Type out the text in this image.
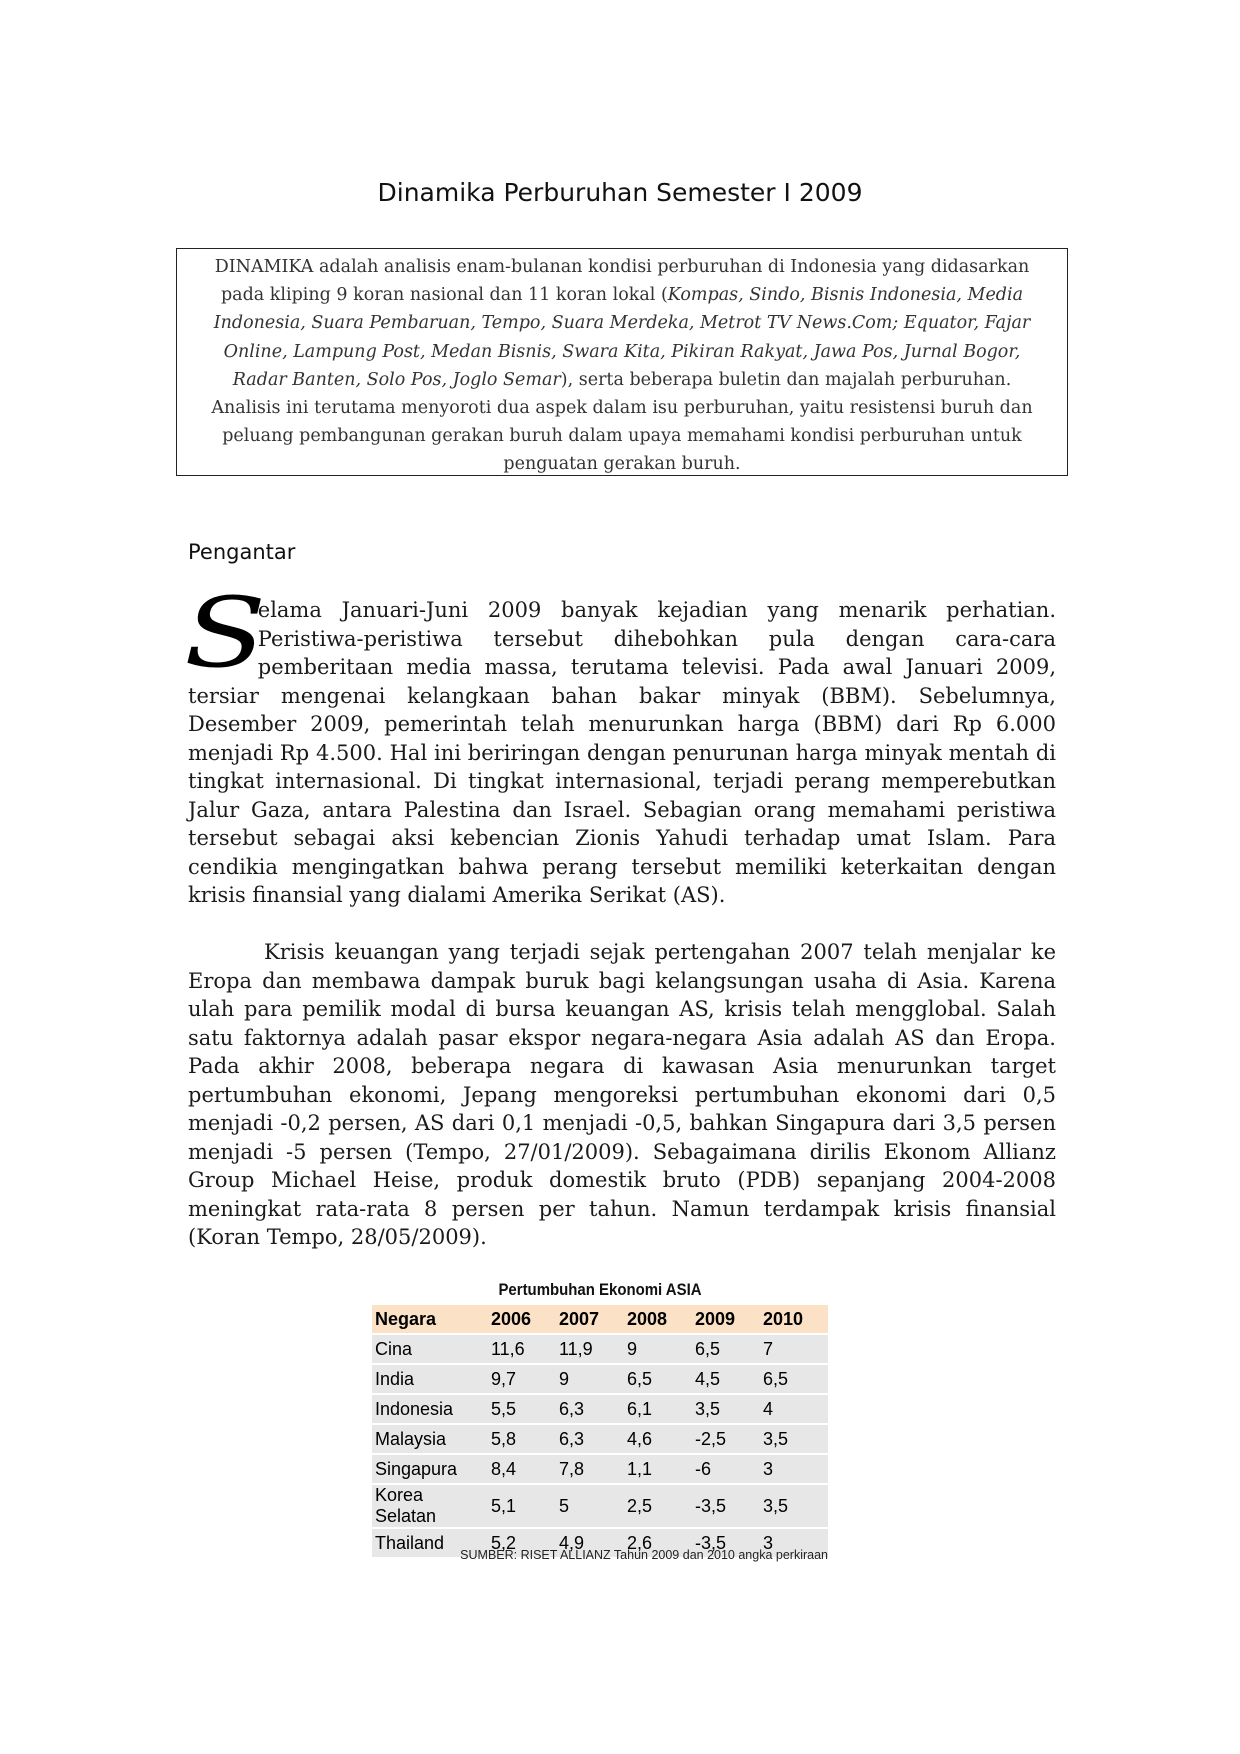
Dinamika Perburuhan Semester I 2009
DINAMIKA adalah analisis enam-bulanan kondisi perburuhan di Indonesia yang didasarkan pada kliping 9 koran nasional dan 11 koran lokal (Kompas, Sindo, Bisnis Indonesia, Media Indonesia, Suara Pembaruan, Tempo, Suara Merdeka, Metrot TV News.Com; Equator, Fajar Online, Lampung Post, Medan Bisnis, Swara Kita, Pikiran Rakyat, Jawa Pos, Jurnal Bogor, Radar Banten, Solo Pos, Joglo Semar), serta beberapa buletin dan majalah perburuhan. Analisis ini terutama menyoroti dua aspek dalam isu perburuhan, yaitu resistensi buruh dan peluang pembangunan gerakan buruh dalam upaya memahami kondisi perburuhan untuk penguatan gerakan buruh.
Pengantar

S
elama Januari-Juni 2009 banyak kejadian yang menarik perhatian. Peristiwa-peristiwa tersebut dihebohkan pula dengan cara-cara pemberitaan media massa, terutama televisi. Pada awal Januari 2009, tersiar mengenai kelangkaan bahan bakar minyak (BBM). Sebelumnya, Desember 2009, pemerintah telah menurunkan harga (BBM) dari Rp 6.000 menjadi Rp 4.500. Hal ini beriringan dengan penurunan harga minyak mentah di tingkat internasional. Di tingkat internasional, terjadi perang memperebutkan Jalur Gaza, antara Palestina dan Israel. Sebagian orang memahami peristiwa tersebut sebagai aksi kebencian Zionis Yahudi terhadap umat Islam. Para cendikia mengingatkan bahwa perang tersebut memiliki keterkaitan dengan krisis finansial yang dialami Amerika Serikat (AS).

Krisis keuangan yang terjadi sejak pertengahan 2007 telah menjalar ke Eropa dan membawa dampak buruk bagi kelangsungan usaha di Asia. Karena ulah para pemilik modal di bursa keuangan AS, krisis telah mengglobal. Salah satu faktornya adalah pasar ekspor negara-negara Asia adalah AS dan Eropa. Pada akhir 2008, beberapa negara di kawasan Asia menurunkan target pertumbuhan ekonomi, Jepang mengoreksi pertumbuhan ekonomi dari 0,5 menjadi -0,2 persen, AS dari 0,1 menjadi -0,5, bahkan Singapura dari 3,5 persen menjadi -5 persen (Tempo, 27/01/2009). Sebagaimana dirilis Ekonom Allianz Group Michael Heise, produk domestik bruto (PDB) sepanjang 2004-2008 meningkat rata-rata 8 persen per tahun. Namun terdampak krisis finansial (Koran Tempo, 28/05/2009).

Pertumbuhan Ekonomi ASIA
Negara	2006	2007	2008	2009	2010
Cina	11,6	11,9	9	6,5	7
India	9,7	9	6,5	4,5	6,5
Indonesia	5,5	6,3	6,1	3,5	4
Malaysia	5,8	6,3	4,6	-2,5	3,5
Singapura	8,4	7,8	1,1	-6	3
Korea Selatan	5,1	5	2,5	-3,5	3,5
Thailand	5,2	4,9	2,6	-3,5	3
SUMBER: RISET ALLIANZ Tahun 2009 dan 2010 angka perkiraan
